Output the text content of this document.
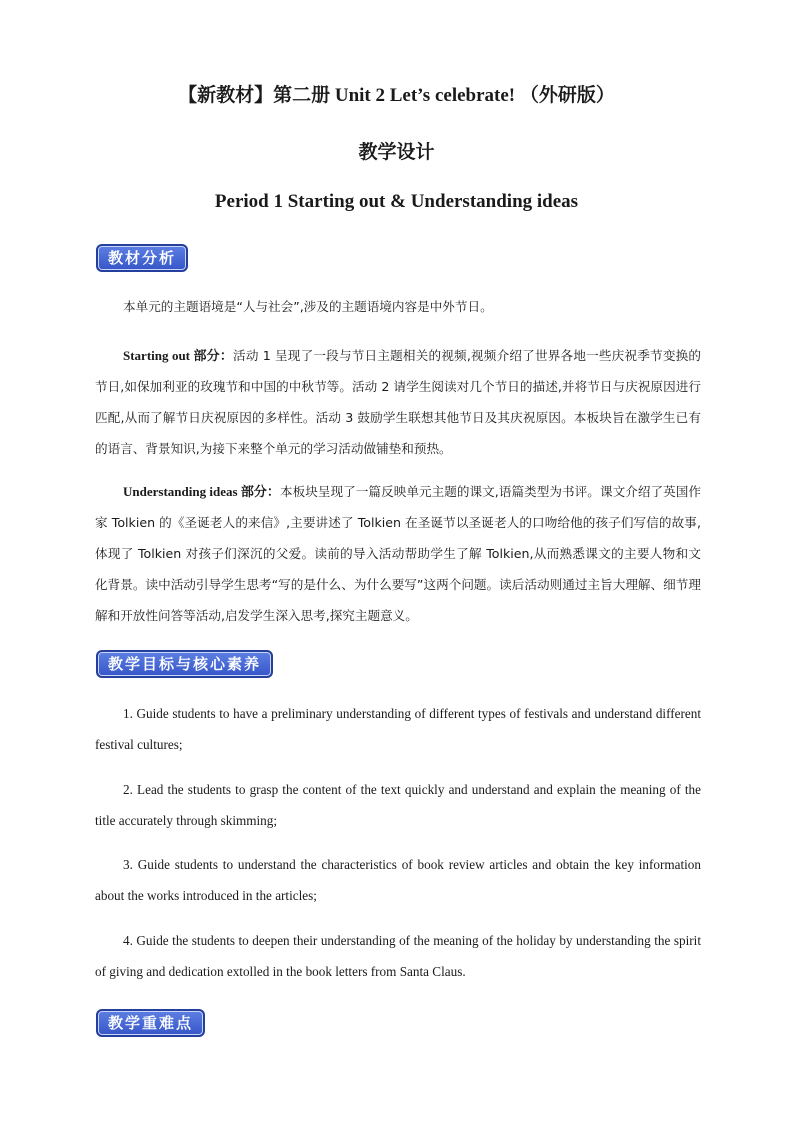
【新教材】第二册 Unit 2 Let’s celebrate! （外研版）
教学设计
Period 1 Starting out & Understanding ideas
教材分析

本单元的主题语境是“人与社会”,涉及的主题语境内容是中外节日。

Starting out 部分：活动 1 呈现了一段与节日主题相关的视频,视频介绍了世界各地一些庆祝季节变换的节日,如保加利亚的玫瑰节和中国的中秋节等。活动 2 请学生阅读对几个节日的描述,并将节日与庆祝原因进行匹配,从而了解节日庆祝原因的多样性。活动 3 鼓励学生联想其他节日及其庆祝原因。本板块旨在激学生已有的语言、背景知识,为接下来整个单元的学习活动做铺垫和预热。

Understanding ideas 部分：本板块呈现了一篇反映单元主题的课文,语篇类型为书评。课文介绍了英国作家 Tolkien 的《圣诞老人的来信》,主要讲述了 Tolkien 在圣诞节以圣诞老人的口吻给他的孩子们写信的故事,体现了 Tolkien 对孩子们深沉的父爱。读前的导入活动帮助学生了解 Tolkien,从而熟悉课文的主要人物和文化背景。读中活动引导学生思考“写的是什么、为什么要写”这两个问题。读后活动则通过主旨大理解、细节理解和开放性问答等活动,启发学生深入思考,探究主题意义。

教学目标与核心素养

1. Guide students to have a preliminary understanding of different types of festivals and understand different festival cultures;

2. Lead the students to grasp the content of the text quickly and understand and explain the meaning of the title accurately through skimming;

3. Guide students to understand the characteristics of book review articles and obtain the key information about the works introduced in the articles;

4. Guide the students to deepen their understanding of the meaning of the holiday by understanding the spirit of giving and dedication extolled in the book letters from Santa Claus.

教学重难点
